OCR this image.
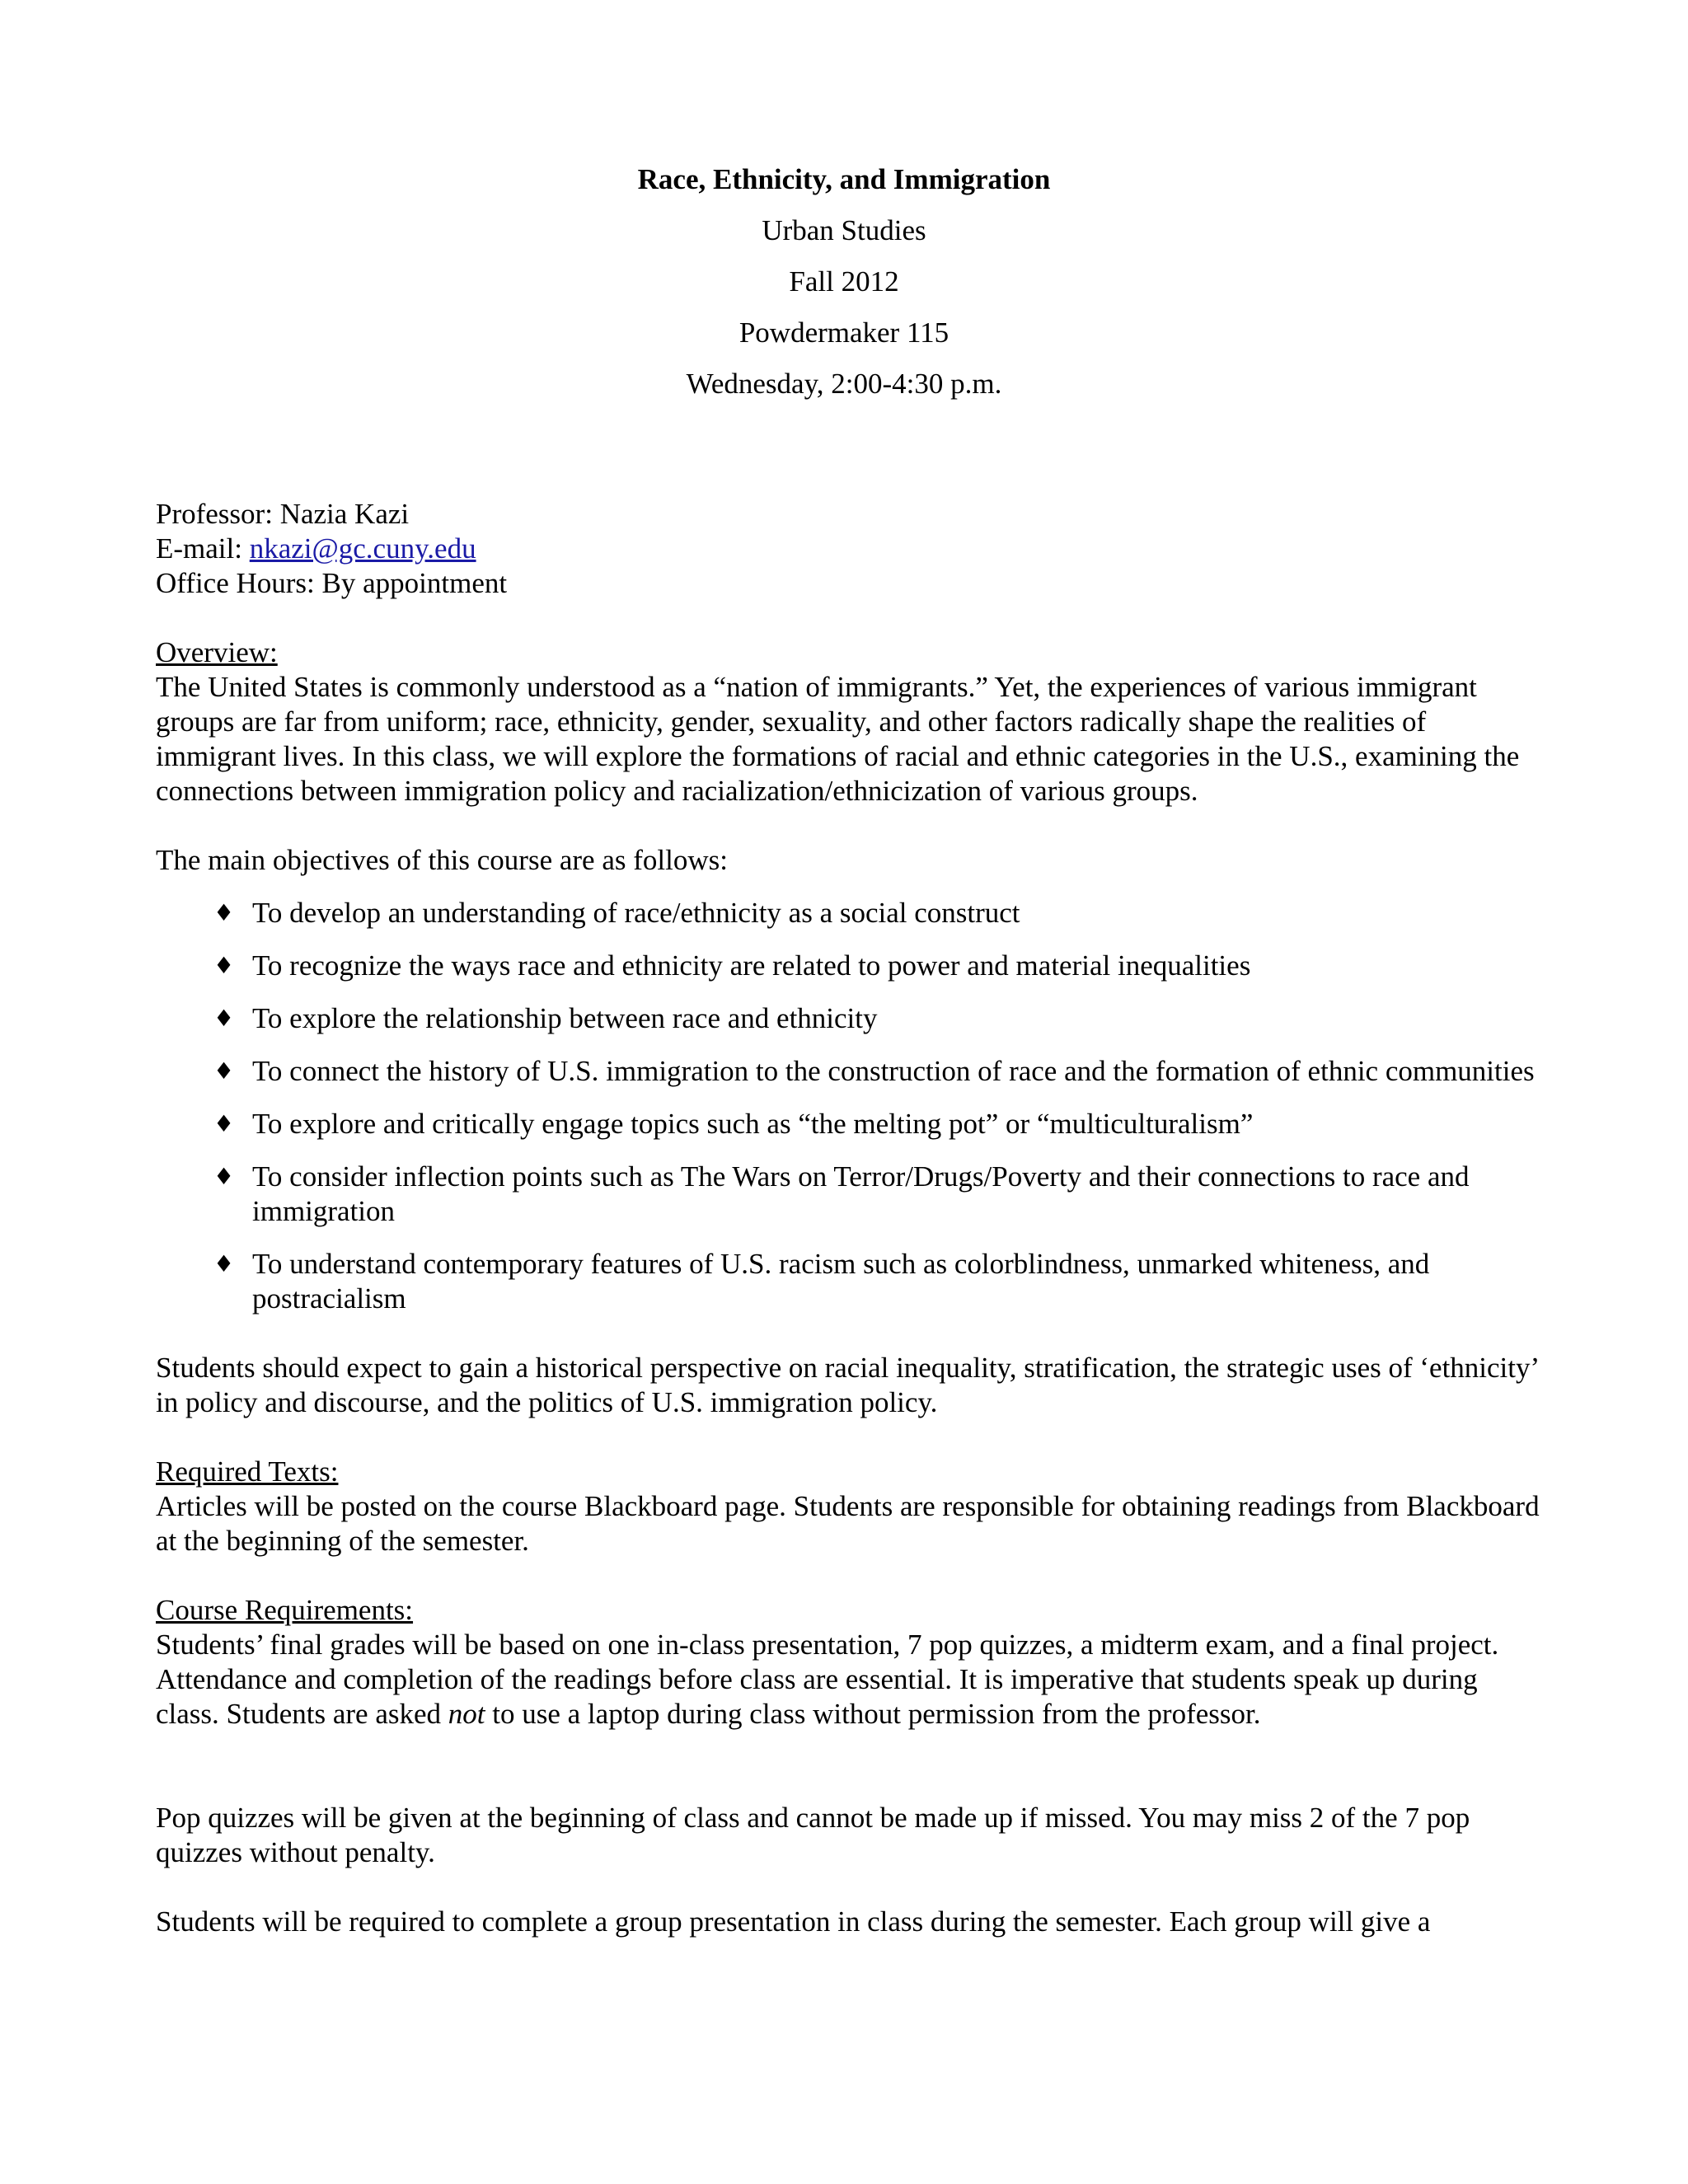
Race, Ethnicity, and Immigration
Urban Studies
Fall 2012
Powdermaker 115
Wednesday, 2:00-4:30 p.m.

Professor: Nazia Kazi

E-mail: nkazi@gc.cuny.edu

Office Hours: By appointment

Overview:

The United States is commonly understood as a “nation of immigrants.” Yet, the experiences of various immigrant groups are far from uniform; race, ethnicity, gender, sexuality, and other factors radically shape the realities of immigrant lives. In this class, we will explore the formations of racial and ethnic categories in the U.S., examining the connections between immigration policy and racialization/ethnicization of various groups.

The main objectives of this course are as follows:

♦ To develop an understanding of race/ethnicity as a social construct
♦ To recognize the ways race and ethnicity are related to power and material inequalities
♦ To explore the relationship between race and ethnicity
♦ To connect the history of U.S. immigration to the construction of race and the formation of ethnic communities
♦ To explore and critically engage topics such as “the melting pot” or “multiculturalism”
♦ To consider inflection points such as The Wars on Terror/Drugs/Poverty and their connections to race and immigration
♦ To understand contemporary features of U.S. racism such as colorblindness, unmarked whiteness, and postracialism

Students should expect to gain a historical perspective on racial inequality, stratification, the strategic uses of ‘ethnicity’ in policy and discourse, and the politics of U.S. immigration policy.

Required Texts:

Articles will be posted on the course Blackboard page. Students are responsible for obtaining readings from Blackboard at the beginning of the semester.

Course Requirements:

Students’ final grades will be based on one in-class presentation, 7 pop quizzes, a midterm exam, and a final project. Attendance and completion of the readings before class are essential. It is imperative that students speak up during class. Students are asked not to use a laptop during class without permission from the professor.

Pop quizzes will be given at the beginning of class and cannot be made up if missed. You may miss 2 of the 7 pop quizzes without penalty.

Students will be required to complete a group presentation in class during the semester. Each group will give a
